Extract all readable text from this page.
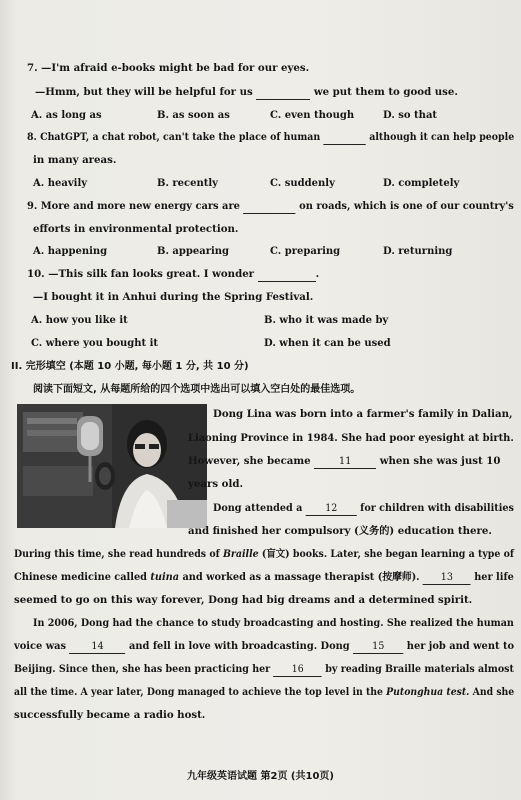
7. —I'm afraid e-books might be bad for our eyes.
—Hmm, but they will be helpful for us	we put them to good use.
A. as long as	B. as soon as	C. even though	D. so that
8. ChatGPT, a chat robot, can't take the place of human	although it can help people
in many areas.
A. heavily	B. recently	C. suddenly	D. completely
9. More and more new energy cars are	on roads, which is one of our country's
efforts in environmental protection.
A. happening	B. appearing	C. preparing	D. returning
10. —This silk fan looks great. I wonder	.
—I bought it in Anhui during the Spring Festival.
A. how you like it	B. who it was made by
C. where you bought it	D. when it can be used
II. 完形填空 (本题 10 小题, 每小题 1 分, 共 10 分)
阅读下面短文, 从每题所给的四个选项中选出可以填入空白处的最佳选项。
Dong Lina was born into a farmer's family in Dalian,
Liaoning Province in 1984. She had poor eyesight at birth.
However, she became	11	when she was just 10
years old.
Dong attended a 12 for children with disabilities
and finished her compulsory (义务的) education there.
During this time, she read hundreds of Braille (盲文) books. Later, she began learning a type of
Chinese medicine called tuina and worked as a massage therapist (按摩师). 13 her life
seemed to go on this way forever, Dong had big dreams and a determined spirit.
In 2006, Dong had the chance to study broadcasting and hosting. She realized the human
voice was	14 and fell in love with broadcasting. Dong 15 her job and went to
Beijing. Since then, she has been practicing her 16 by reading Braille materials almost
all the time. A year later, Dong managed to achieve the top level in the Putonghua test. And she
successfully became a radio host.
九年级英语试题 第2页 (共10页)
